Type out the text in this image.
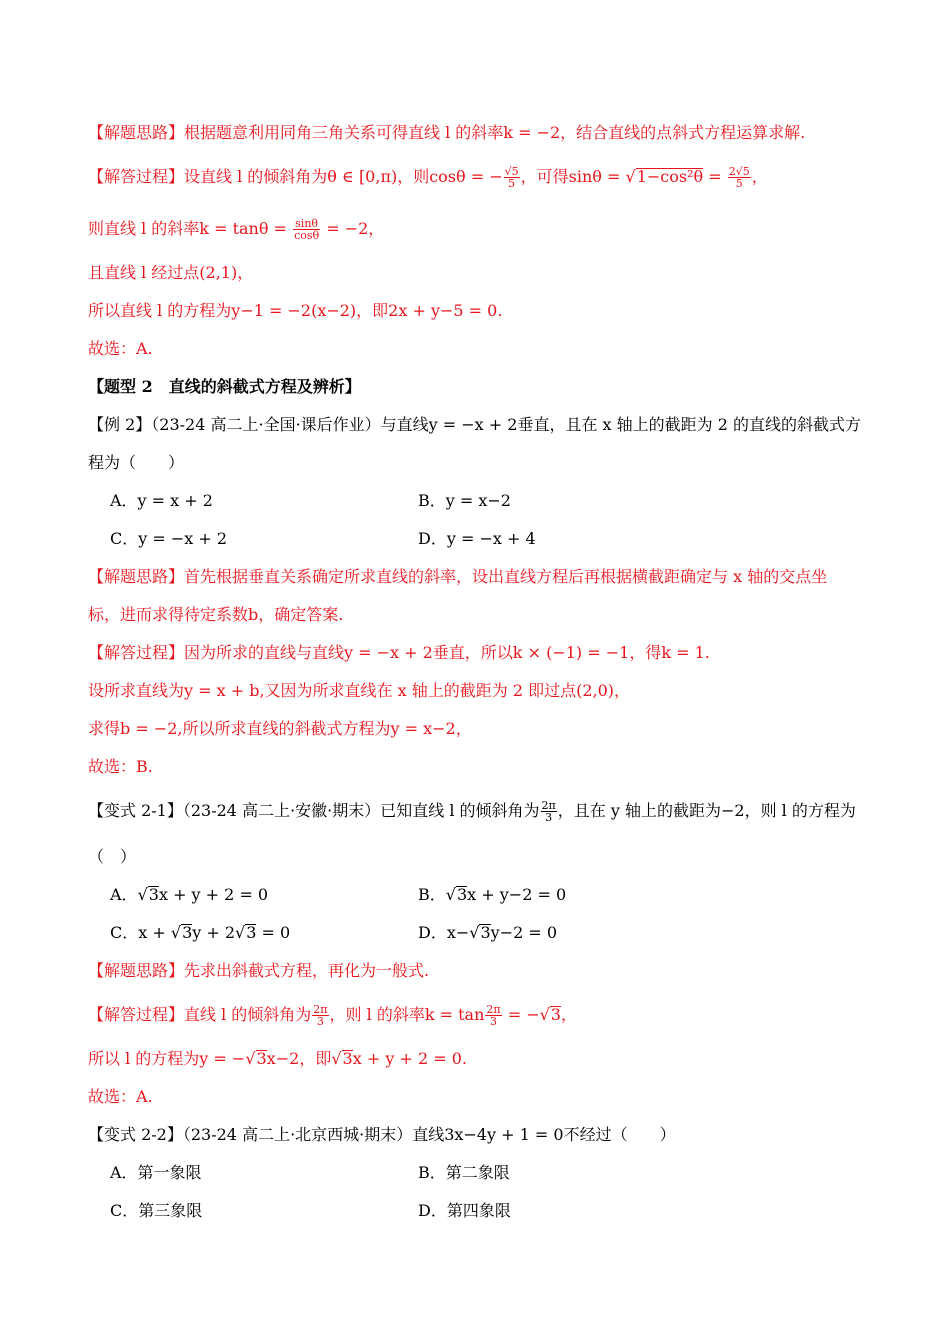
【解题思路】根据题意利用同角三角关系可得直线 l 的斜率k = −2，结合直线的点斜式方程运算求解.
【解答过程】设直线 l 的倾斜角为θ ∈ [0,π)，则cosθ = − $\frac{√5}{5}$ ，可得$\sin\theta = √1-\cos^2\theta = \frac{2√5}{5}$ ，
则直线 l 的斜率$k = \tan\theta = \frac{\sin\theta}{\cos\theta} = -2$，
且直线 l 经过点(2,1)，
所以直线 l 的方程为y−1 = −2(x−2)，即2x + y−5 = 0.
故选：A.
【题型 2　直线的斜截式方程及辨析】
【例 2】（23-24 高二上·全国·课后作业）与直线y = −x + 2垂直，且在 x 轴上的截距为 2 的直线的斜截式方
程为（　　）
A．y = x + 2	B．y = x−2
C．y = −x + 2	D．y = −x + 4
【解题思路】首先根据垂直关系确定所求直线的斜率，设出直线方程后再根据横截距确定与 x 轴的交点坐
标，进而求得待定系数b，确定答案.
【解答过程】因为所求的直线与直线y = −x + 2垂直，所以k × (−1) = −1，得k = 1.
设所求直线为y = x + b,又因为所求直线在 x 轴上的截距为 2 即过点(2,0)，
求得b = −2,所以所求直线的斜截式方程为y = x−2，
故选：B.
【变式 2-1】（23-24 高二上·安徽·期末）已知直线 l 的倾斜角为 $\frac{2\pi}{3}$ ，且在 y 轴上的截距为−2，则 l 的方程为
（　）
A．√3x + y + 2 = 0	B．√3x + y−2 = 0
C．x + √3y + 2√3 = 0	D．x−√3y−2 = 0
【解题思路】先求出斜截式方程，再化为一般式.
【解答过程】直线 l 的倾斜角为 $\frac{2\pi}{3}$ ，则 l 的斜率$k = \tan \frac{2\pi}{3} = -√3$，
所以 l 的方程为y = −√3x−2，即√3x + y + 2 = 0.
故选：A.
【变式 2-2】（23-24 高二上·北京西城·期末）直线3x−4y + 1 = 0不经过（　　）
A．第一象限	B．第二象限
C．第三象限	D．第四象限
